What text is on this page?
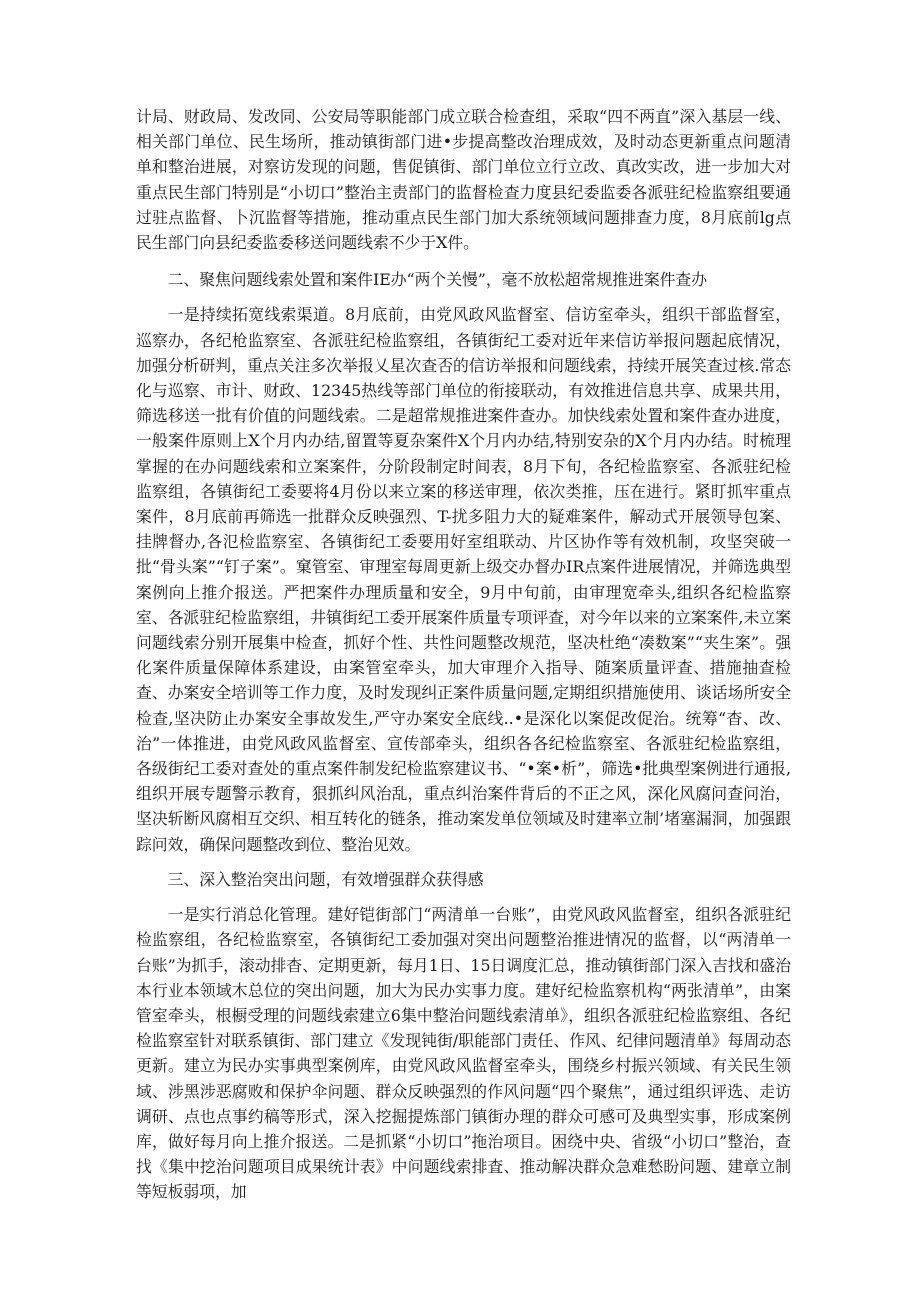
计局、财政局、发改同、公安局等职能部门成立联合检查组，采取“四不两直”深入基层一线、相关部门单位、民生场所，推动镇街部门进•步提高整改治理成效，及时动态更新重点问题清单和整治进展，对察访发现的问题，售促镇街、部门单位立行立改、真改实改，进一步加大对重点民生部门特别是“小切口”整治主责部门的监督检查力度县纪委监委各派驻纪检监察组要通过驻点监督、卜沉监督等措施，推动重点民生部门加大系统领域问题排查力度，8月底前lg点民生部门向县纪委监委移送问题线索不少于X件。

二、聚焦问题线索处置和案件IE办“两个关慢”，毫不放松超常规推进案件查办

一是持续拓宽线索渠道。8月底前，由党风政风监督室、信访室牵头，组织干部监督室，巡察办，各纪枪监察室、各派驻纪检监察组，各镇街纪工委对近年来信访举报问题起底情况，加强分析研判，重点关注多次举报乂星次查否的信访举报和问题线索，持续开展笑查过核.常态化与巡察、市计、财政、12345热线等部门单位的衔接联动，有效推进信息共享、成果共用，筛选移送一批有价值的问题线索。二是超常规推进案件查办。加快线索处置和案件查办进度，一般案件原则上X个月内办结,留置等夏杂案件X个月内办结,特别安杂的X个月内办结。时梳理掌握的在办问题线索和立案案件，分阶段制定时间表，8月下旬，各纪检监察室、各派驻纪检监察组，各镇街纪工委要将4月份以来立案的移送审理，依次类推，压在进行。紧盯抓牢重点案件，8月底前再筛选一批群众反映强烈、T-扰多阻力大的疑难案件，解动式开展领导包案、挂牌督办,各氾检监察室、各镇街纪工委要用好室组联动、片区协作等有效机制，攻坚突破一批“骨头案”“钉子案”。窠管室、审理室每周更新上级交办督办IR点案件进展情况，并筛选典型案例向上推介报送。严把案件办理质量和安全，9月中旬前，由审理宽牵头,组织各纪检监察室、各派驻纪检监察组，井镇街纪工委开展案件质量专项评查，对今年以来的立案案件,未立案问题线索分别开展集中检查，抓好个性、共性问题整改规范，坚决杜绝“凑数案”“夹生案”。强化案件质量保障体系建设，由案管室牵头，加大审理介入指导、随案质量评查、措施抽查检查、办案安全培训等工作力度，及时发现纠正案件质量问题,定期组织措施使用、谈话场所安全检查,坚决防止办案安全事故发生,严守办案安全底线..•是深化以案促改促治。统筹“杳、改、治”一体推进，由党风政风监督室、宣传部牵头，组织各各纪检监察室、各派驻纪检监察组，各级街纪工委对查处的重点案件制发纪检监察建议书、“•案•析”，筛选•批典型案例进行通报,组织开展专题警示教育，狠抓纠风治乱，重点纠治案件背后的不正之风，深化风腐问查问治，坚决斩断风腐相互交织、相互转化的链条，推动案发单位领域及时建率立制’堵塞漏洞，加强跟踪问效，确保问题整改到位、整治见效。

三、深入整治突出问题，有效增强群众获得感

一是实行消总化管理。建好铠街部门“两清单一台账”，由党风政风监督室，组织各派驻纪检监察组，各纪检监察室，各镇街纪工委加强对突出问题整治推进情况的监督，以“两清单一台账”为抓手，滚动排杳、定期更新，每月1日、15日调度汇总，推动镇街部门深入吉找和盛治本行业本领域木总位的突出问题，加大为民办实事力度。建好纪检监察机构“两张清单”，由案管室牵头，根橱受理的问题线索建立6集中整治问题线索清单》，组织各派驻纪检监察组、各纪检监察室针对联系镇街、部门建立《发现钝街/职能部门责任、作风、纪律问题清单》每周动态更新。建立为民办实事典型案例库，由党风政风监督室牵头，围绕乡村振兴领域、有关民生领域、涉黑涉恶腐败和保护伞问题、群众反映强烈的作风问题“四个聚焦”，通过组织评选、走访调研、点也点事约稿等形式，深入挖掘提炼部门镇街办理的群众可感可及典型实事，形成案例库，做好每月向上推介报送。二是抓紧“小切口”拖治项目。困绕中央、省级“小切口”整治，查找《集中挖治问题项目成果统计表》中问题线索排査、推动解决群众急难愁盼问题、建章立制等短板弱项，加
